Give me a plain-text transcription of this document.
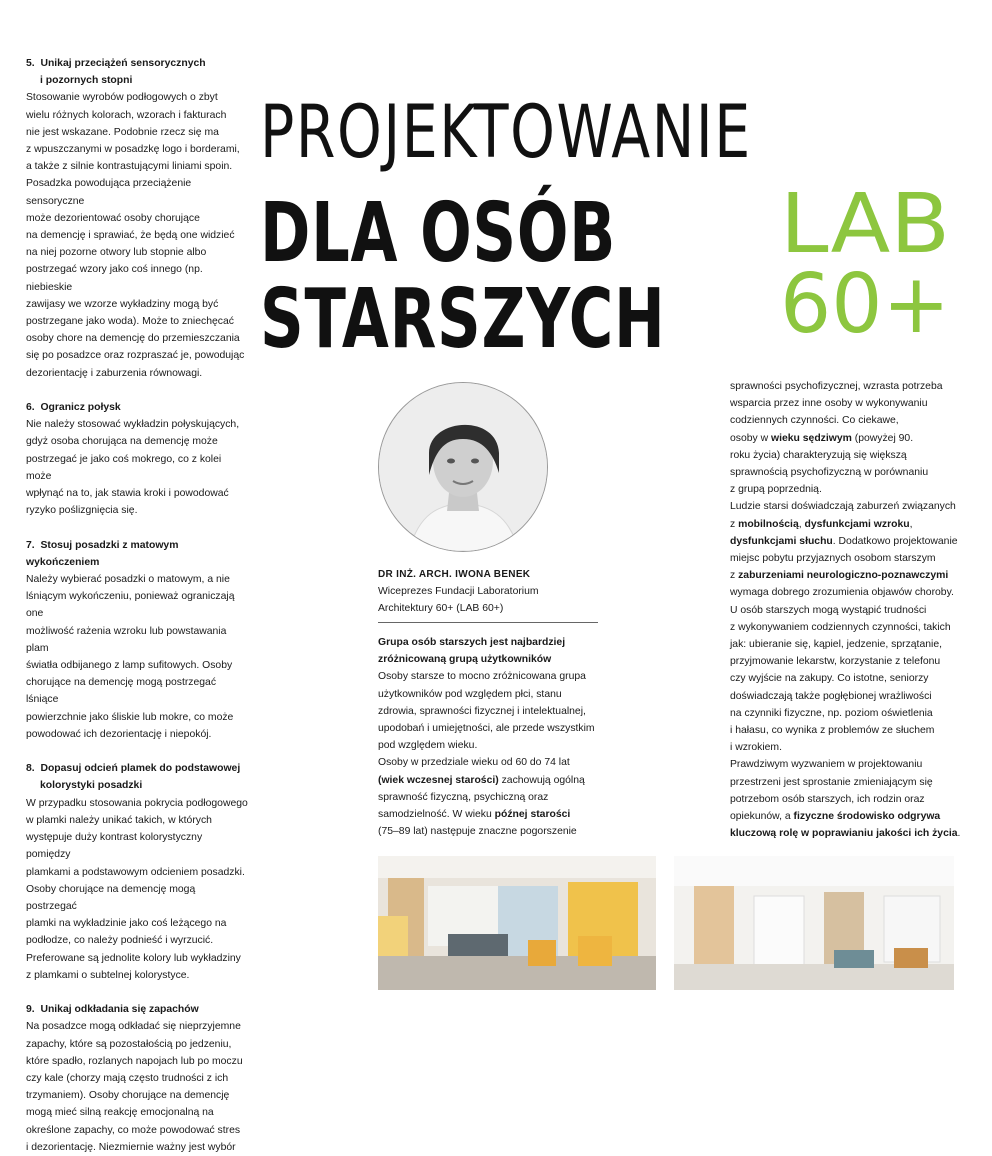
5.  Unikaj przeciążeń sensorycznych

i pozornych stopni

Stosowanie wyrobów podłogowych o zbyt

wielu różnych kolorach, wzorach i fakturach

nie jest wskazane. Podobnie rzecz się ma

z wpuszczanymi w posadzkę logo i borderami,

a także z silnie kontrastującymi liniami spoin.

Posadzka powodująca przeciążenie sensoryczne

może dezorientować osoby chorujące

na demencję i sprawiać, że będą one widzieć

na niej pozorne otwory lub stopnie albo

postrzegać wzory jako coś innego (np. niebieskie

zawijasy we wzorze wykładziny mogą być

postrzegane jako woda). Może to zniechęcać

osoby chore na demencję do przemieszczania

się po posadzce oraz rozpraszać je, powodując

dezorientację i zaburzenia równowagi.

6.  Ogranicz połysk

Nie należy stosować wykładzin połyskujących,

gdyż osoba chorująca na demencję może

postrzegać je jako coś mokrego, co z kolei może

wpłynąć na to, jak stawia kroki i powodować

ryzyko poślizgnięcia się.

7.  Stosuj posadzki z matowym wykończeniem

Należy wybierać posadzki o matowym, a nie

lśniącym wykończeniu, ponieważ ograniczają one

możliwość rażenia wzroku lub powstawania plam

światła odbijanego z lamp sufitowych. Osoby

chorujące na demencję mogą postrzegać lśniące

powierzchnie jako śliskie lub mokre, co może

powodować ich dezorientację i niepokój.

8.  Dopasuj odcień plamek do podstawowej

kolorystyki posadzki

W przypadku stosowania pokrycia podłogowego

w plamki należy unikać takich, w których

występuje duży kontrast kolorystyczny pomiędzy

plamkami a podstawowym odcieniem posadzki.

Osoby chorujące na demencję mogą postrzegać

plamki na wykładzinie jako coś leżącego na

podłodze, co należy podnieść i wyrzucić.

Preferowane są jednolite kolory lub wykładziny

z plamkami o subtelnej kolorystyce.

9.  Unikaj odkładania się zapachów

Na posadzce mogą odkładać się nieprzyjemne

zapachy, które są pozostałością po jedzeniu,

które spadło, rozlanych napojach lub po moczu

czy kale (chorzy mają często trudności z ich

trzymaniem). Osoby chorujące na demencję

mogą mieć silną reakcję emocjonalną na

określone zapachy, co może powodować stres

i dezorientację. Niezmiernie ważny jest wybór

PROJEKTOWANIE
DLA OSÓB
STARSZYCH
LAB
60+

DR INŻ. ARCH. IWONA BENEK

Wiceprezes Fundacji Laboratorium

Architektury 60+ (LAB 60+)

Grupa osób starszych jest najbardziej

zróżnicowaną grupą użytkowników

Osoby starsze to mocno zróżnicowana grupa

użytkowników pod względem płci, stanu

zdrowia, sprawności fizycznej i intelektualnej,

upodobań i umiejętności, ale przede wszystkim

pod względem wieku.

Osoby w przedziale wieku od 60 do 74 lat

(wiek wczesnej starości) zachowują ogólną

sprawność fizyczną, psychiczną oraz

samodzielność. W wieku późnej starości

(75–89 lat) następuje znaczne pogorszenie

sprawności psychofizycznej, wzrasta potrzeba

wsparcia przez inne osoby w wykonywaniu

codziennych czynności. Co ciekawe,

osoby w wieku sędziwym (powyżej 90.

roku życia) charakteryzują się większą

sprawnością psychofizyczną w porównaniu

z grupą poprzednią.

Ludzie starsi doświadczają zaburzeń związanych

z mobilnością, dysfunkcjami wzroku,

dysfunkcjami słuchu. Dodatkowo projektowanie

miejsc pobytu przyjaznych osobom starszym

z zaburzeniami neurologiczno-poznawczymi

wymaga dobrego zrozumienia objawów choroby.

U osób starszych mogą wystąpić trudności

z wykonywaniem codziennych czynności, takich

jak: ubieranie się, kąpiel, jedzenie, sprzątanie,

przyjmowanie lekarstw, korzystanie z telefonu

czy wyjście na zakupy. Co istotne, seniorzy

doświadczają także pogłębionej wrażliwości

na czynniki fizyczne, np. poziom oświetlenia

i hałasu, co wynika z problemów ze słuchem

i wzrokiem.

Prawdziwym wyzwaniem w projektowaniu

przestrzeni jest sprostanie zmieniającym się

potrzebom osób starszych, ich rodzin oraz

opiekunów, a fizyczne środowisko odgrywa

kluczową rolę w poprawianiu jakości ich życia.
